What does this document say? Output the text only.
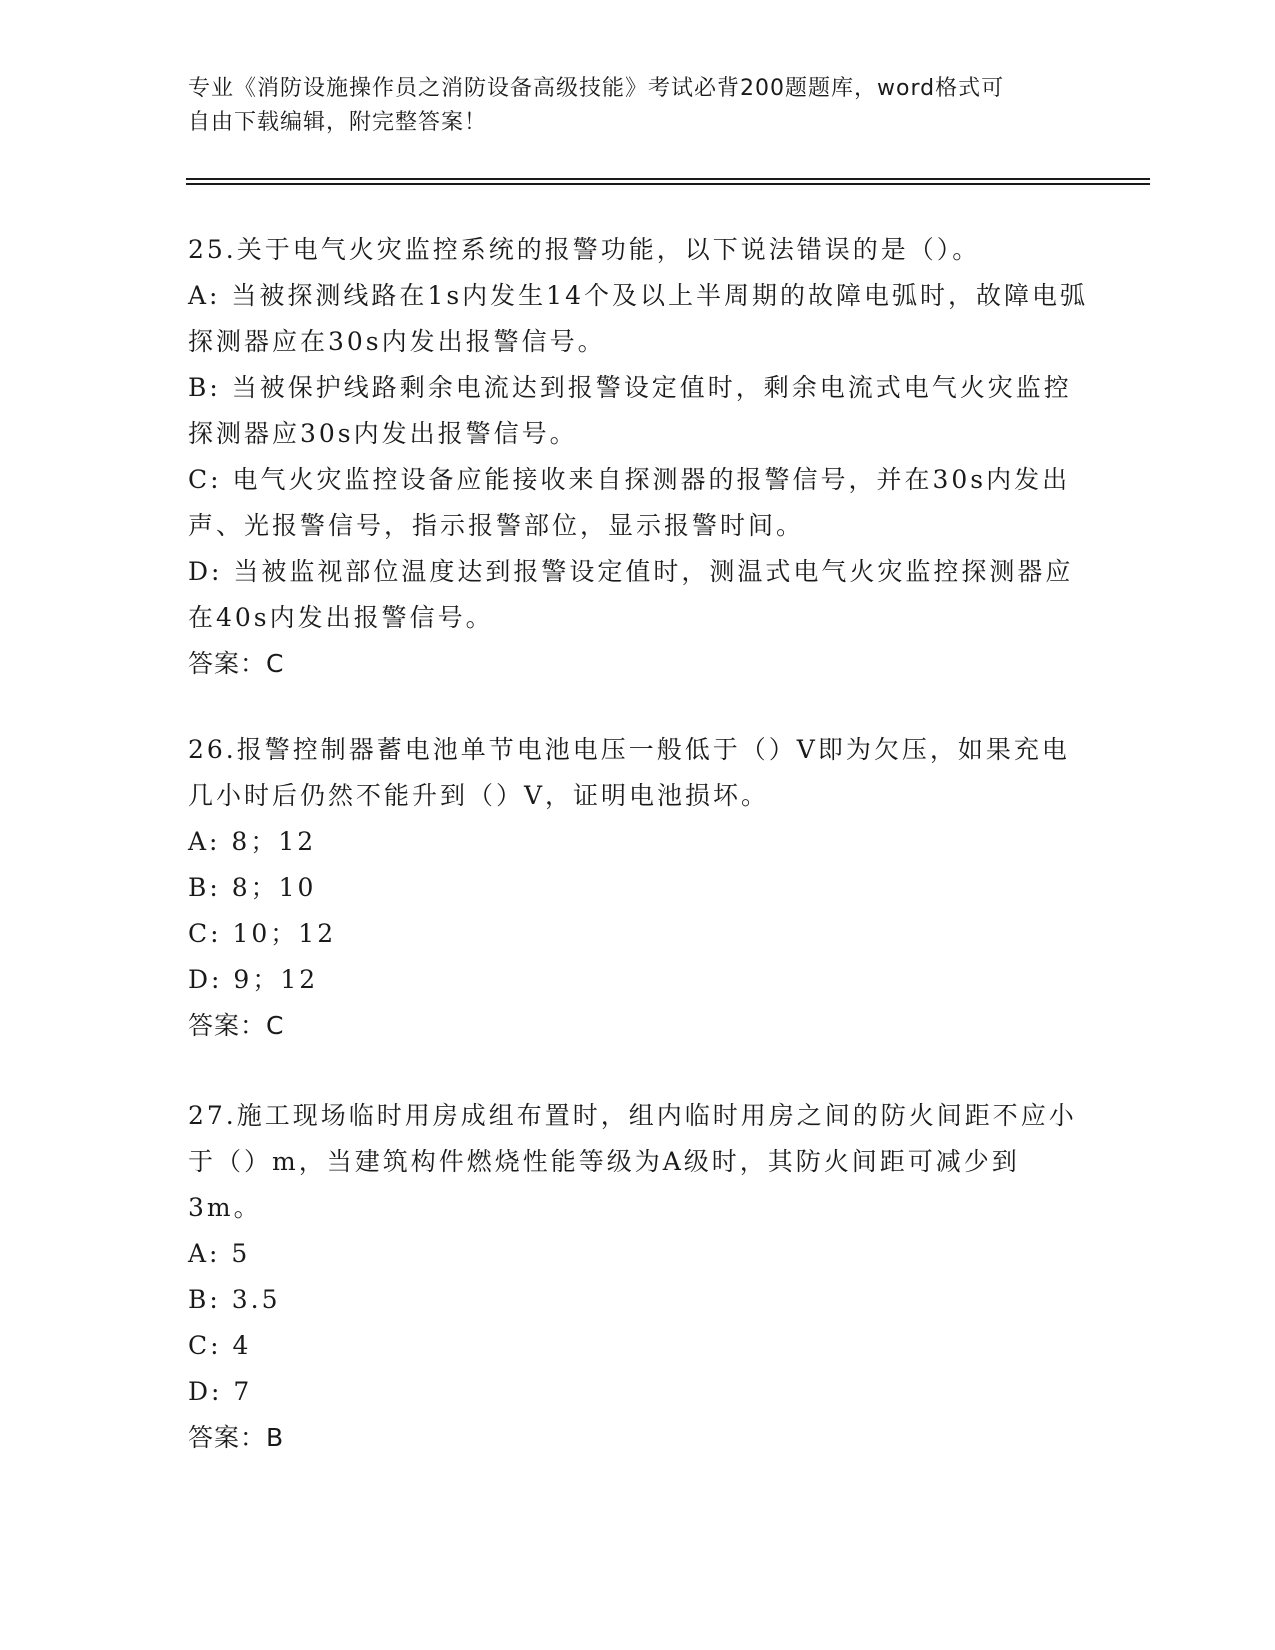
专业《消防设施操作员之消防设备高级技能》考试必背200题题库，word格式可
自由下载编辑，附完整答案！

25.关于电气火灾监控系统的报警功能，以下说法错误的是（）。

A: 当被探测线路在1s内发生14个及以上半周期的故障电弧时，故障电弧探测器应在30s内发出报警信号。

B: 当被保护线路剩余电流达到报警设定值时，剩余电流式电气火灾监控探测器应30s内发出报警信号。

C: 电气火灾监控设备应能接收来自探测器的报警信号，并在30s内发出声、光报警信号，指示报警部位，显示报警时间。

D: 当被监视部位温度达到报警设定值时，测温式电气火灾监控探测器应在40s内发出报警信号。

答案：C

26.报警控制器蓄电池单节电池电压一般低于（）V即为欠压，如果充电几小时后仍然不能升到（）V，证明电池损坏。

A: 8；12

B: 8；10

C: 10；12

D: 9；12

答案：C

27.施工现场临时用房成组布置时，组内临时用房之间的防火间距不应小于（）m，当建筑构件燃烧性能等级为A级时，其防火间距可减少到3m。

A: 5

B: 3.5

C: 4

D: 7

答案：B
